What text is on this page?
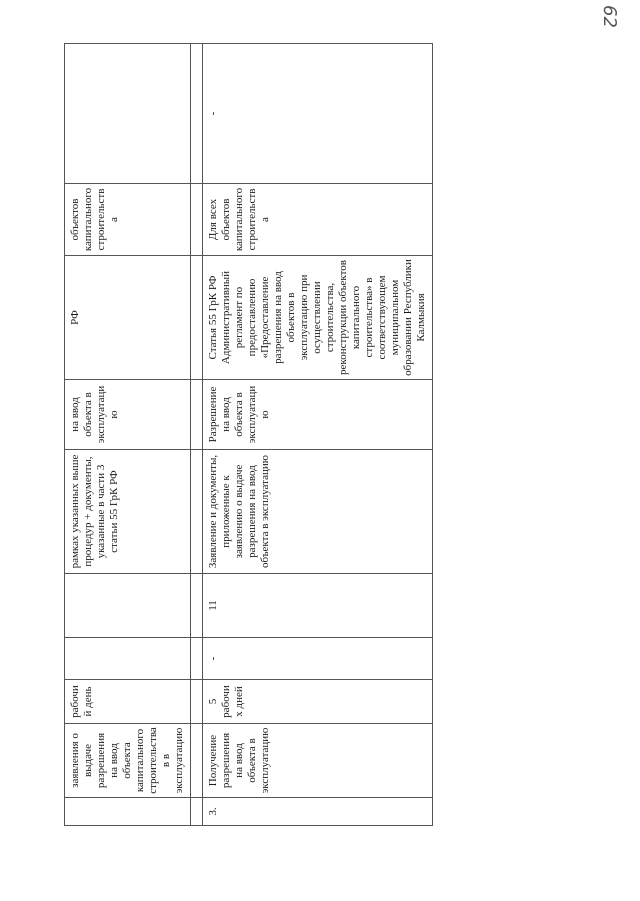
62
	заявления о выдаче разрешения на ввод объекта капитального строительства в в эксплуатацию	рабочий день			рамках указанных выше процедур + документы, указанные в части 3 статьи 55 ГрК РФ	на ввод объекта в эксплуатацию	РФ	объектов капитального строительства	

3.	Получение разрешения на ввод объекта в эксплуатацию	5 рабочих дней	-	11	Заявление и документы, приложенные к заявлению о выдаче разрешения на ввод объекта в эксплуатацию	Разрешение на ввод объекта в эксплуатацию	Статья 55 ГрК РФ Административный регламент по предоставлению «Предоставление разрешения на ввод объектов в эксплуатацию при осуществлении строительства, реконструкции объектов капитального строительства» в соответствующем муниципальном образовании Республики Калмыкия	Для всех объектов капитального строительства	-
